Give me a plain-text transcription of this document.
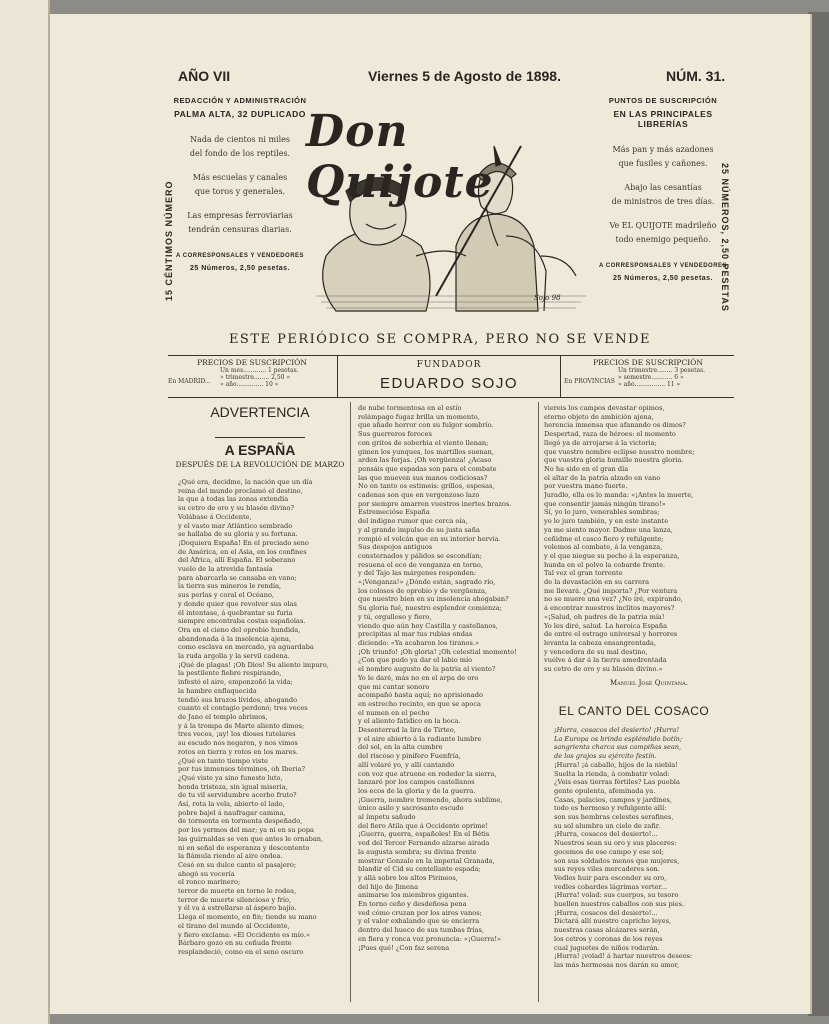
AÑO VII	Viernes 5 de Agosto de 1898.	NÚM. 31.
15 CÉNTIMOS NÚMERO
REDACCIÓN Y ADMINISTRACIÓN
PALMA ALTA, 32 DUPLICADO
Nada de cientos ni miles
del fondo de los reptiles.
Más escuelas y canales
que toros y generales.
Las empresas ferroviarias
tendrán censuras diarias.
A CORRESPONSALES Y VENDEDORES
25 Números, 2,50 pesetas.
Don Quijote
Sojo 98
PUNTOS DE SUSCRIPCIÓN
EN LAS PRINCIPALES LIBRERÍAS
Más pan y más azadones
que fusiles y cañones.
Abajo las cesantías
de ministros de tres días.
Ve EL QUIJOTE madrileño
todo enemigo pequeño.
A CORRESPONSALES Y VENDEDORES
25 Números, 2,50 pesetas. 25 NÚMEROS, 2,50 PESETAS
ESTE PERIÓDICO SE COMPRA, PERO NO SE VENDE
PRECIOS DE SUSCRIPCIÓN
En MADRID...
Un mes............ 1 pesetas.
» trimestre........ 2,50 »
» año.............. 10 »
FUNDADOR
EDUARDO SOJO
PRECIOS DE SUSCRIPCIÓN
En PROVINCIAS
Un trimestre........ 3 pesetas.
» semestre........... 6 »
» año................ 11 »
ADVERTENCIA
A ESPAÑA
DESPUÉS DE LA REVOLUCIÓN DE MARZO

¿Qué era, decidme, la nación que un día

reina del mundo proclamó el destino,

la que á todas las zonas extendía

su cetro de oro y su blasón divino?

Volábase á Occidente,

y el vasto mar Atlántico sembrado

se hallaba de su gloria y su fortuna.

¡Doquiera España! En el preciado seno

de América, en el Asia, en los confines

del África, allí España. El soberano

vuelo de la atrevida fantasía

para abarcarla se cansaba en vano;

la tierra sus mineros le rendía,

sus perlas y coral el Océano,

y donde quier que revolver sus olas

él intentase, á quebrantar su furia

siempre encontraba costas españolas.

Ora en el cieno del oprobio hundida,

abandonada á la insolencia ajena,

como esclava en mercado, ya aguardaba

la ruda argolla y la servil cadena.

¡Qué de plagas! ¡Oh Dios! Su aliento impuro,

la pestilente fiebre respirando,

infestó el aire, emponzoñó la vida;

la hambre enflaquecida

tendió sus brazos lívidos, ahogando

cuanto el contagio perdonó; tres veces

de Jano el templo abrimos,

y á la trompa de Marte aliento dimos;

tres veces, ¡ay! los dioses tutelares

su escudo nos negaron, y nos vimos

rotos en tierra y rotos en los mares.

¿Qué en tanto tiempo viste

por tus inmensos términos, oh Iberia?

¿Qué viste ya sino funesto luto,

honda tristeza, sin igual miseria,

de tu vil servidumbre acerbo fruto?

Así, rota la vela, abierto el lado,

pobre bajel á naufragar camina,

de tormenta en tormenta despeñado,

por los yermos del mar; ya ni en su popa

las guirnaldas se ven que antes le ornaban,

ni en señal de esperanza y descontento

la flámula riendo al aire ondea.

Cesó en su dulce canto el pasajero;

ahogó su vocería

el ronco marinero;

terror de muerte en torno le rodea,

terror de muerte silencioso y frío,

y él va á estrellarse al áspero bajío.

Llega el momento, en fin; tiende su mano

el tirano del mundo al Occidente,

y fiero exclama: «El Occidente es mío.»

Bárbaro gozo en su ceñuda frente

resplandeció, como en el seno oscuro

de nube tormentosa en el estío

relámpago fugaz brilla un momento,

que añade horror con su fulgor sombrío.

Sus guerreros feroces

con gritos de soberbia el viento llenan;

gimen los yunques, los martillos suenan,

arden las forjas. ¡Oh vergüenza! ¿Acaso

pensáis que espadas son para el combate

las que mueven sus manos codiciosas?

No en tanto os estimeis: grillos, esposas,

cadenas son que en vergonzoso lazo

por siempre amarren vuestros inertes brazos.

Estremecióse España

del indigno rumor que cerca oía,

y al grande impulso de su justa saña

rompió el volcán que en su interior hervía.

Sus despojos antiguos

consternados y pálidos se escondían;

resuena el eco de venganza en torno,

y del Tajo las márgenes responden:

«¡Venganza!» ¿Dónde están, sagrado río,

los colosos de oprobio y de vergüenza,

que nuestro bien en su insolencia ahogaban?

Su gloria fué, nuestro esplendor comienza;

y tú, orgulloso y fiero,

viendo que aún hoy Castilla y castellanos,

precipitas al mar tus rubias ondas

diciendo: «Ya acabaron los tiranos.»

¡Oh triunfo! ¡Oh gloria! ¡Oh celestial momento!

¿Con que pudo ya dar el labio mío

el nombre augusto de la patria al viento?

Yo le daré, más no en el arpa de oro

que mi cantar sonoro

acompañó hasta aquí; no aprisionado

en estrecho recinto, en que se apoca

el numen en el pecho

y el aliento fatídico en la boca.

Desenterrad la lira de Tirteo,

y el aire abierto á la radiante lumbre

del sol, en la alta cumbre

del riscoso y pinífero Fuenfría,

allí volaré yo, y allí cantando

con voz que atruene en rededor la sierra,

lanzaré por los campos castellanos

los ecos de la gloria y de la guerra.

¡Guerra, nombre tremendo, ahora sublime,

único asilo y sacrosanto escudo

al ímpetu sañudo

del fiero Atila que á Occidente oprime!

¡Guerra, guerra, españoles! En el Bétis

ved del Tercer Fernando alzarse airada

la augusta sombra; su divina frente

mostrar Gonzalo en la imperial Granada,

blandir el Cid su centellante espada;

y allá sobre los altos Pirineos,

del hijo de Jimena

animarse los miembros gigantes.

En torno ceño y desdeñosa pena

ved cómo cruzan por los aires vanos;

y el valor exhalando que se encierra

dentro del hueco de sus tumbas frías,

en fiera y ronca voz pronuncia: «¡Guerra!»

¡Pues qué! ¿Con faz serena

viereis los campos devastar opimos,

eterno objeto de ambición ajena,

herencia inmensa que afanando os dimos?

Despertad, raza de héroes: el momento

llegó ya de arrojarse á la victoria;

que vuestro nombre eclipse nuestro nombre;

que vuestra gloria humille nuestra gloria.

No ha sido en el gran día

el altar de la patria alzado en vano

por vuestra mano fuerte.

Juradlo, ella os lo manda: «¡Antes la muerte,

que consentir jamás ningún tirano!»

Sí, yo lo juro, venerables sombras;

yo lo juro también, y en este instante

ya me siento mayor. Dadme una lanza,

ceñidme el casco fiero y refulgente;

volemos al combate, á la venganza,

y el que niegue su pecho á la esperanza,

hunda en el polvo la cobarde frente.

Tal vez el gran torrente

de la devastación en su carrera

me llevará. ¿Qué importa? ¿Por ventura

no se muere una vez? ¿No iré, expirando,

á encontrar nuestros ínclitos mayores?

«¡Salud, oh padres de la patria mía!

Yo les diré, salud. La heroica España

de entre el estrago universal y horrores

levanta la cabeza ensangrentada,

y vencedora de su mal destino,

vuelve á dar á la tierra amedrentada

su cetro de oro y su blasón divino.»

Manuel José Quintana.
EL CANTO DEL COSACO

¡Hurra, cosacos del desierto! ¡Hurra!

La Europa os brinda espléndido botín;

sangrienta charca sus campiñas sean,

de los grajos su ejército festín.

¡Hurra! ¡á caballo, hijos de la niebla!

Suelta la rienda, á combatir volad:

¿Veis esas tierras fértiles? Las puebla

gente opulenta, afeminada ya.

Casas, palacios, campos y jardines,

todo es hermoso y refulgente allí:

son sus hembras celestes serafines,

su sol alumbra un cielo de zafir.

¡Hurra, cosacos del desierto!...

Nuestros sean su oro y sus placeres:

gocemos de ese campo y ese sol;

son sus soldados menos que mujeres,

sus reyes viles mercaderes son.

Vedles huir para esconder su oro,

vedles cobardes lágrimas verter...

¡Hurra! volad: sus cuerpos, su tesoro

huellen nuestros caballos con sus pies.

¡Hurra, cosacos del desierto!...

Dictará allí nuestro capricho leyes,

nuestras casas alcázares serán,

los cetros y coronas de los reyes

cual juguetes de niños rodarán.

¡Hurra! ¡volad! á hartar nuestros deseos:

las más hermosas nos darán su amor,
